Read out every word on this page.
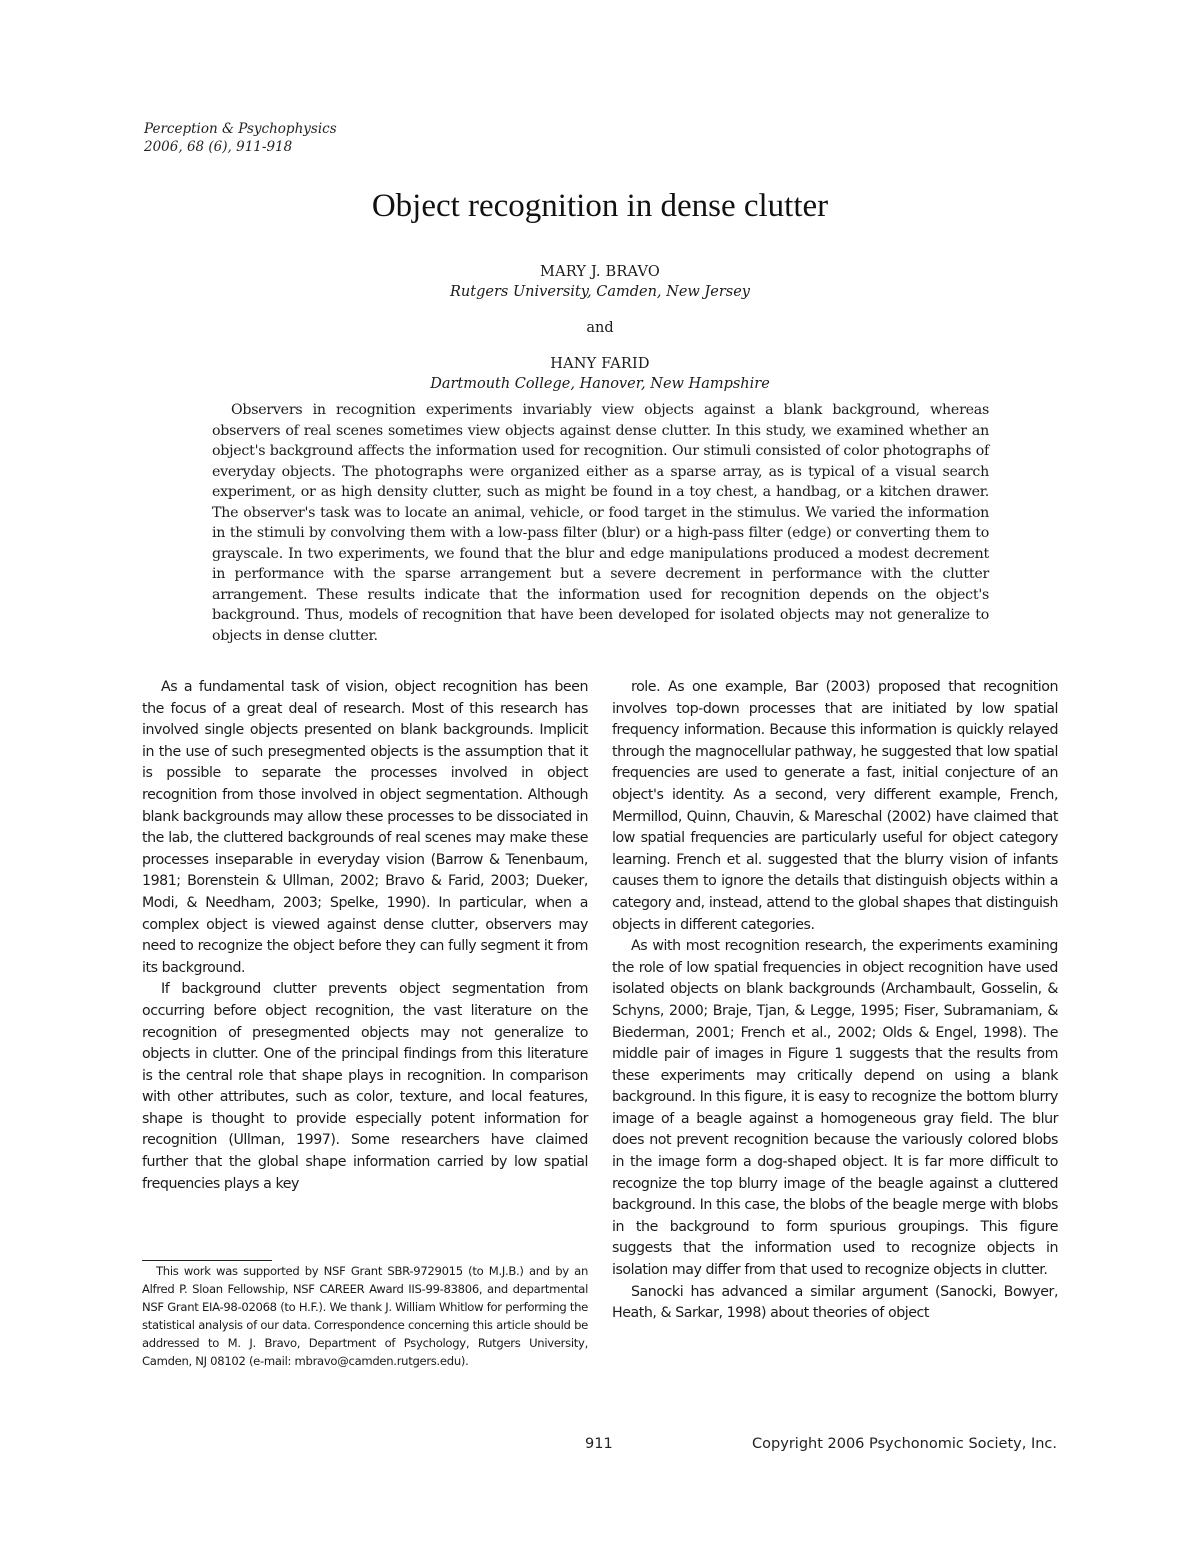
Perception & Psychophysics
2006, 68 (6), 911-918
Object recognition in dense clutter
MARY J. BRAVO
Rutgers University, Camden, New Jersey
and
HANY FARID
Dartmouth College, Hanover, New Hampshire

Observers in recognition experiments invariably view objects against a blank background, whereas observers of real scenes sometimes view objects against dense clutter. In this study, we examined whether an object's background affects the information used for recognition. Our stimuli consisted of color photographs of everyday objects. The photographs were organized either as a sparse array, as is typical of a visual search experiment, or as high density clutter, such as might be found in a toy chest, a handbag, or a kitchen drawer. The observer's task was to locate an animal, vehicle, or food target in the stimulus. We varied the information in the stimuli by convolving them with a low-pass filter (blur) or a high-pass filter (edge) or converting them to grayscale. In two experiments, we found that the blur and edge manipulations produced a modest decrement in performance with the sparse arrangement but a severe decrement in performance with the clutter arrangement. These results indicate that the information used for recognition depends on the object's background. Thus, models of recognition that have been developed for isolated objects may not generalize to objects in dense clutter.

As a fundamental task of vision, object recognition has been the focus of a great deal of research. Most of this research has involved single objects presented on blank backgrounds. Implicit in the use of such presegmented objects is the assumption that it is possible to separate the processes involved in object recognition from those involved in object segmentation. Although blank backgrounds may allow these processes to be dissociated in the lab, the cluttered backgrounds of real scenes may make these processes inseparable in everyday vision (Barrow & Tenenbaum, 1981; Borenstein & Ullman, 2002; Bravo & Farid, 2003; Dueker, Modi, & Needham, 2003; Spelke, 1990). In particular, when a complex object is viewed against dense clutter, observers may need to recognize the object before they can fully segment it from its background.

If background clutter prevents object segmentation from occurring before object recognition, the vast literature on the recognition of presegmented objects may not generalize to objects in clutter. One of the principal findings from this literature is the central role that shape plays in recognition. In comparison with other attributes, such as color, texture, and local features, shape is thought to provide especially potent information for recognition (Ullman, 1997). Some researchers have claimed further that the global shape information carried by low spatial frequencies plays a key

role. As one example, Bar (2003) proposed that recognition involves top-down processes that are initiated by low spatial frequency information. Because this information is quickly relayed through the magnocellular pathway, he suggested that low spatial frequencies are used to generate a fast, initial conjecture of an object's identity. As a second, very different example, French, Mermillod, Quinn, Chauvin, & Mareschal (2002) have claimed that low spatial frequencies are particularly useful for object category learning. French et al. suggested that the blurry vision of infants causes them to ignore the details that distinguish objects within a category and, instead, attend to the global shapes that distinguish objects in different categories.

As with most recognition research, the experiments examining the role of low spatial frequencies in object recognition have used isolated objects on blank backgrounds (Archambault, Gosselin, & Schyns, 2000; Braje, Tjan, & Legge, 1995; Fiser, Subramaniam, & Biederman, 2001; French et al., 2002; Olds & Engel, 1998). The middle pair of images in Figure 1 suggests that the results from these experiments may critically depend on using a blank background. In this figure, it is easy to recognize the bottom blurry image of a beagle against a homogeneous gray field. The blur does not prevent recognition because the variously colored blobs in the image form a dog-shaped object. It is far more difficult to recognize the top blurry image of the beagle against a cluttered background. In this case, the blobs of the beagle merge with blobs in the background to form spurious groupings. This figure suggests that the information used to recognize objects in isolation may differ from that used to recognize objects in clutter.

Sanocki has advanced a similar argument (Sanocki, Bowyer, Heath, & Sarkar, 1998) about theories of object

This work was supported by NSF Grant SBR-9729015 (to M.J.B.) and by an Alfred P. Sloan Fellowship, NSF CAREER Award IIS-99-83806, and departmental NSF Grant EIA-98-02068 (to H.F.). We thank J. William Whitlow for performing the statistical analysis of our data. Correspondence concerning this article should be addressed to M. J. Bravo, Department of Psychology, Rutgers University, Camden, NJ 08102 (e-mail: mbravo@camden.rutgers.edu).

911	Copyright 2006 Psychonomic Society, Inc.
